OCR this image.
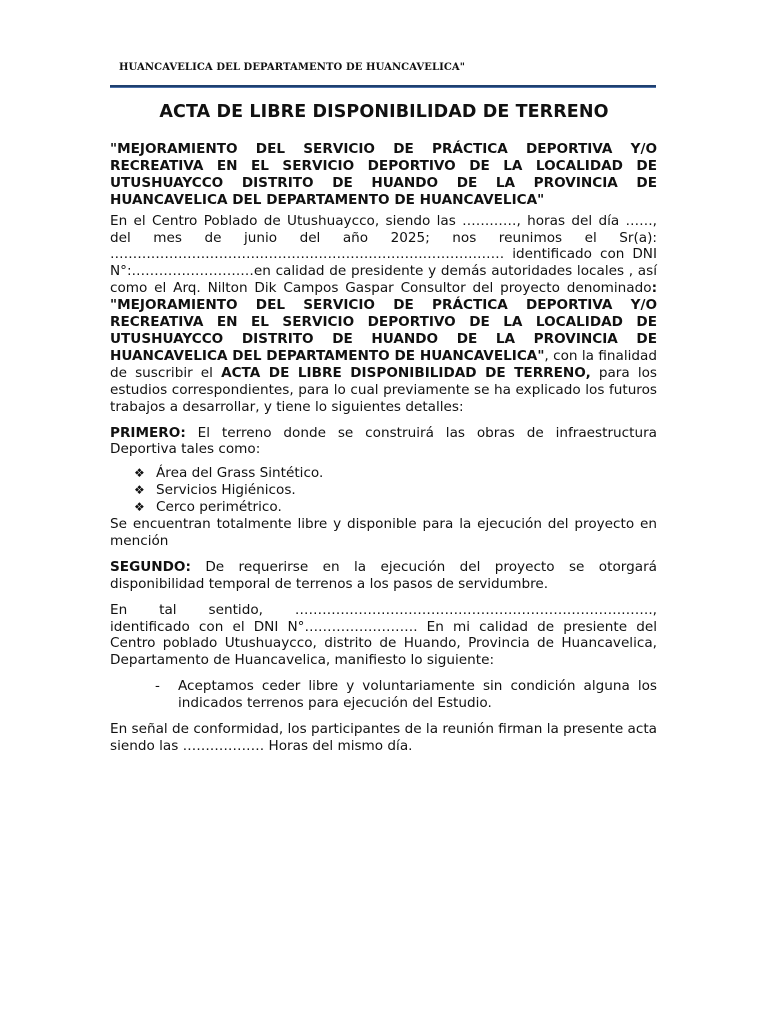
HUANCAVELICA DEL DEPARTAMENTO DE HUANCAVELICA"
ACTA DE LIBRE DISPONIBILIDAD DE TERRENO

"MEJORAMIENTO DEL SERVICIO DE PRÁCTICA DEPORTIVA Y/O RECREATIVA EN EL SERVICIO DEPORTIVO DE LA LOCALIDAD DE UTUSHUAYCCO DISTRITO DE HUANDO DE LA PROVINCIA DE HUANCAVELICA DEL DEPARTAMENTO DE HUANCAVELICA"

En el Centro Poblado de Utushuaycco, siendo las …………, horas del día ……, del mes de junio del año 2025; nos reunimos el Sr(a): …………………………………………………………………………… identificado con DNI N°:………………………en calidad de presidente y demás autoridades locales , así como el Arq. Nilton Dik Campos Gaspar Consultor del proyecto denominado: "MEJORAMIENTO DEL SERVICIO DE PRÁCTICA DEPORTIVA Y/O RECREATIVA EN EL SERVICIO DEPORTIVO DE LA LOCALIDAD DE UTUSHUAYCCO DISTRITO DE HUANDO DE LA PROVINCIA DE HUANCAVELICA DEL DEPARTAMENTO DE HUANCAVELICA", con la finalidad de suscribir el ACTA DE LIBRE DISPONIBILIDAD DE TERRENO, para los estudios correspondientes, para lo cual previamente se ha explicado los futuros trabajos a desarrollar, y tiene lo siguientes detalles:

PRIMERO: El terreno donde se construirá las obras de infraestructura Deportiva tales como:

❖ Área del Grass Sintético.
❖ Servicios Higiénicos.
❖ Cerco perimétrico.

Se encuentran totalmente libre y disponible para la ejecución del proyecto en mención

SEGUNDO: De requerirse en la ejecución del proyecto se otorgará disponibilidad temporal de terrenos a los pasos de servidumbre.

En tal sentido, ……………………………………………………………………., identificado con el DNI N°……………………. En mi calidad de presiente del Centro poblado Utushuaycco, distrito de Huando, Provincia de Huancavelica, Departamento de Huancavelica, manifiesto lo siguiente:

- Aceptamos ceder libre y voluntariamente sin condición alguna los indicados terrenos para ejecución del Estudio.

En señal de conformidad, los participantes de la reunión firman la presente acta siendo las ……………… Horas del mismo día.
